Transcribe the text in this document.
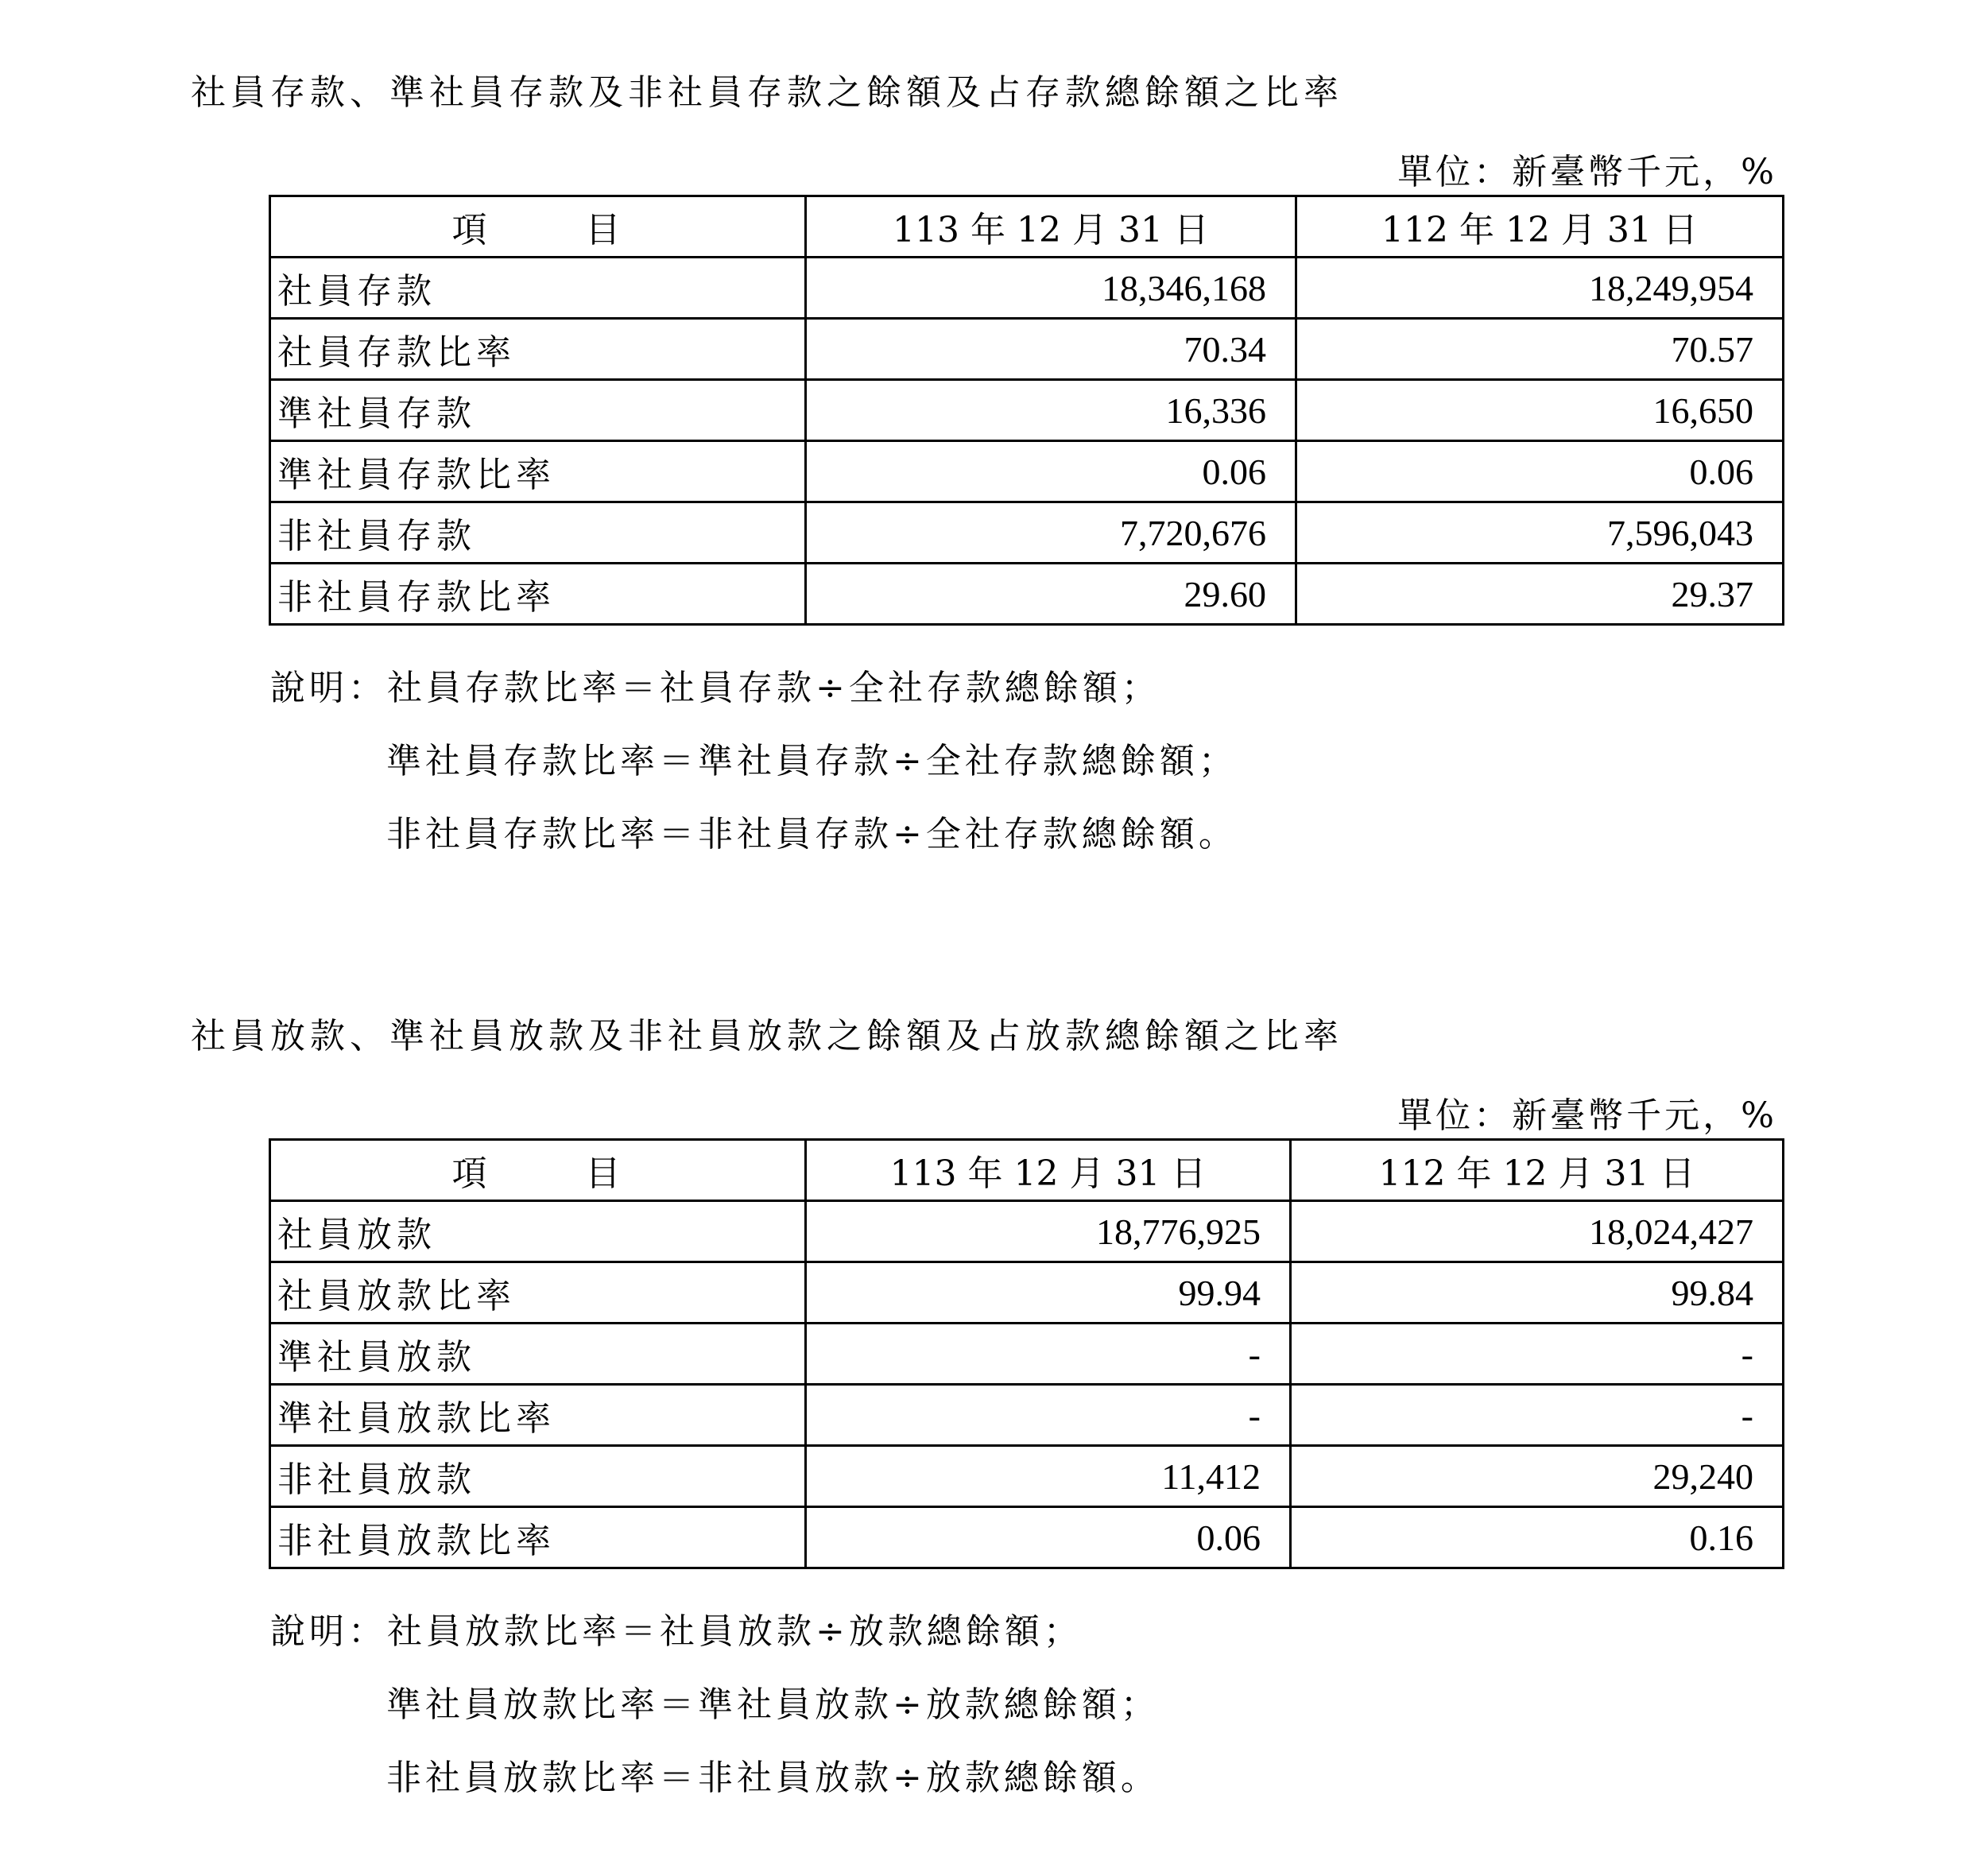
社員存款、準社員存款及非社員存款之餘額及占存款總餘額之比率
單位：新臺幣千元，%
項 目	113 年 12 月 31 日	112 年 12 月 31 日
社員存款	18,346,168	18,249,954
社員存款比率	70.34	70.57
準社員存款	16,336	16,650
準社員存款比率	0.06	0.06
非社員存款	7,720,676	7,596,043
非社員存款比率	29.60	29.37
說明：社員存款比率＝社員存款÷全社存款總餘額；
準社員存款比率＝準社員存款÷全社存款總餘額；
非社員存款比率＝非社員存款÷全社存款總餘額。
社員放款、準社員放款及非社員放款之餘額及占放款總餘額之比率
單位：新臺幣千元，%
項 目	113 年 12 月 31 日	112 年 12 月 31 日
社員放款	18,776,925	18,024,427
社員放款比率	99.94	99.84
準社員放款	-	-
準社員放款比率	-	-
非社員放款	11,412	29,240
非社員放款比率	0.06	0.16
說明：社員放款比率＝社員放款÷放款總餘額；
準社員放款比率＝準社員放款÷放款總餘額；
非社員放款比率＝非社員放款÷放款總餘額。
